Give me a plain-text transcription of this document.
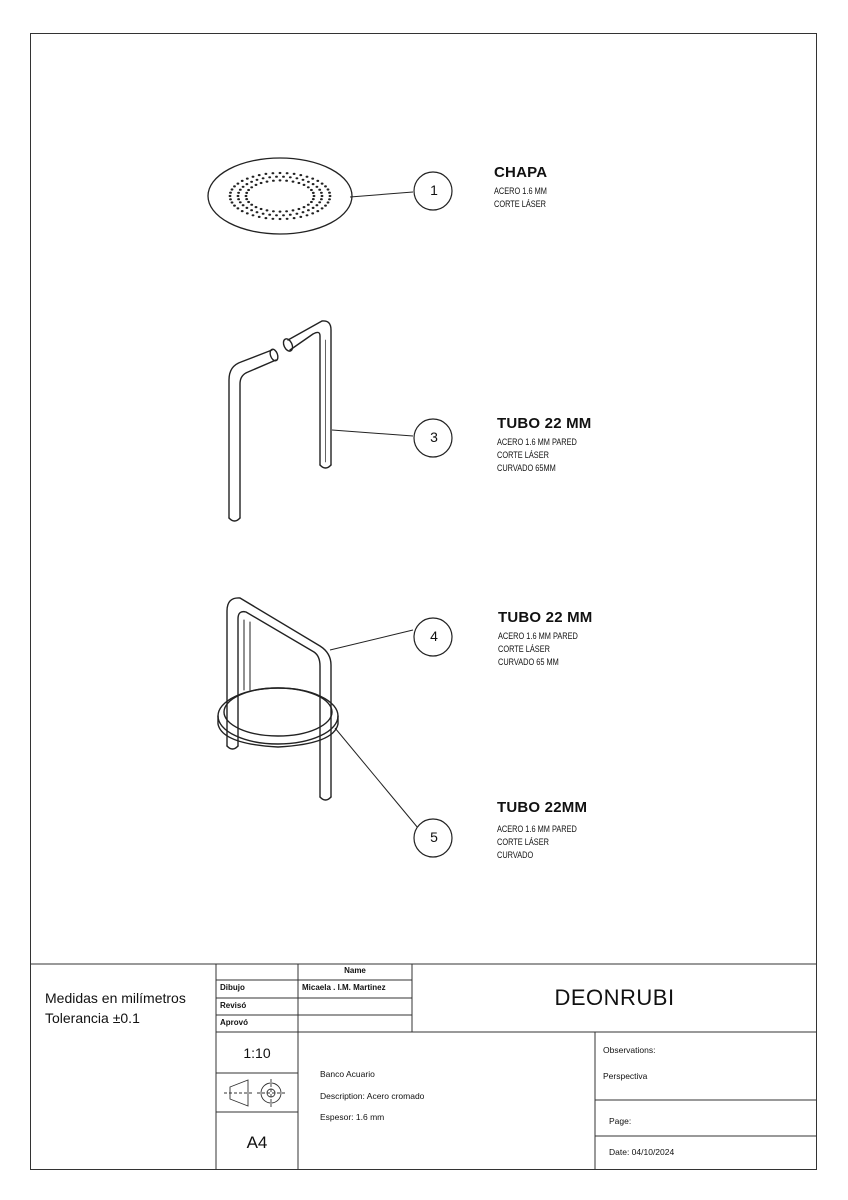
1
CHAPA
ACERO 1.6 MM
CORTE LÁSER
3
TUBO 22 MM
ACERO 1.6 MM PARED
CORTE LÁSER
CURVADO 65MM
4
TUBO 22 MM
ACERO 1.6 MM PARED
CORTE LÁSER
CURVADO 65 MM
5
TUBO 22MM
ACERO 1.6 MM PARED
CORTE LÁSER
CURVADO
Medidas en milímetros
Tolerancia ±0.1
Name
Dibujo
Revisó
Aprovó
Micaela . I.M. Martinez	DEONRUBI
1:10
A4
Banco Acuario
Description: Acero cromado
Espesor: 1.6 mm
Observations:
Perspectiva
Page:
Date: 04/10/2024
